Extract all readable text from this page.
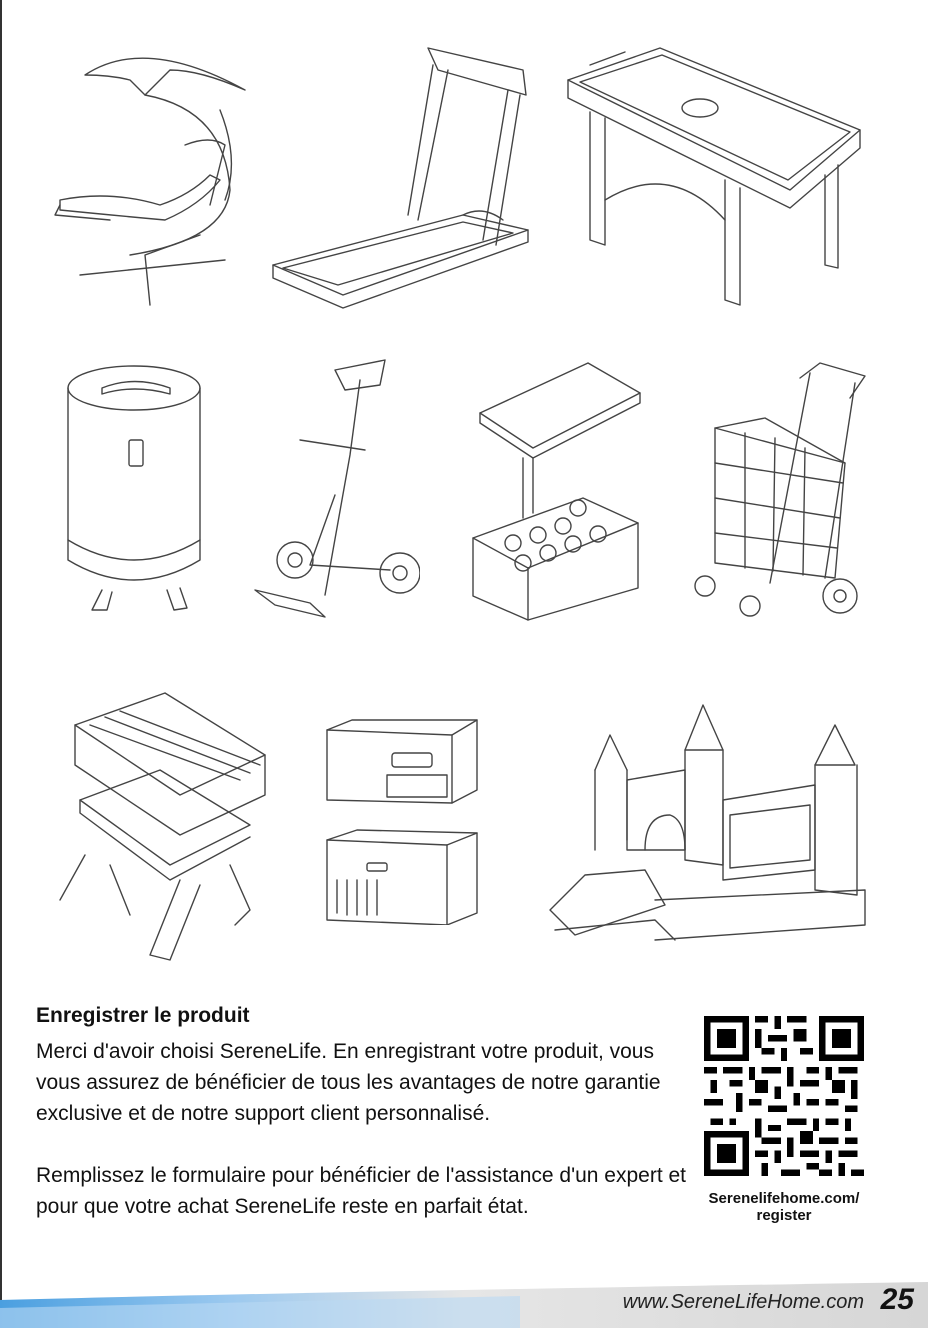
Enregistrer le produit

Merci d'avoir choisi SereneLife. En enregistrant votre produit, vous vous assurez de bénéficier de tous les avantages de notre garantie exclusive et de notre support client personnalisé.

Remplissez le formulaire pour bénéficier de l'assistance d'un expert et pour que votre achat SereneLife reste en parfait état.	Serenelifehome.com/
register
www.SereneLifeHome.com 25
